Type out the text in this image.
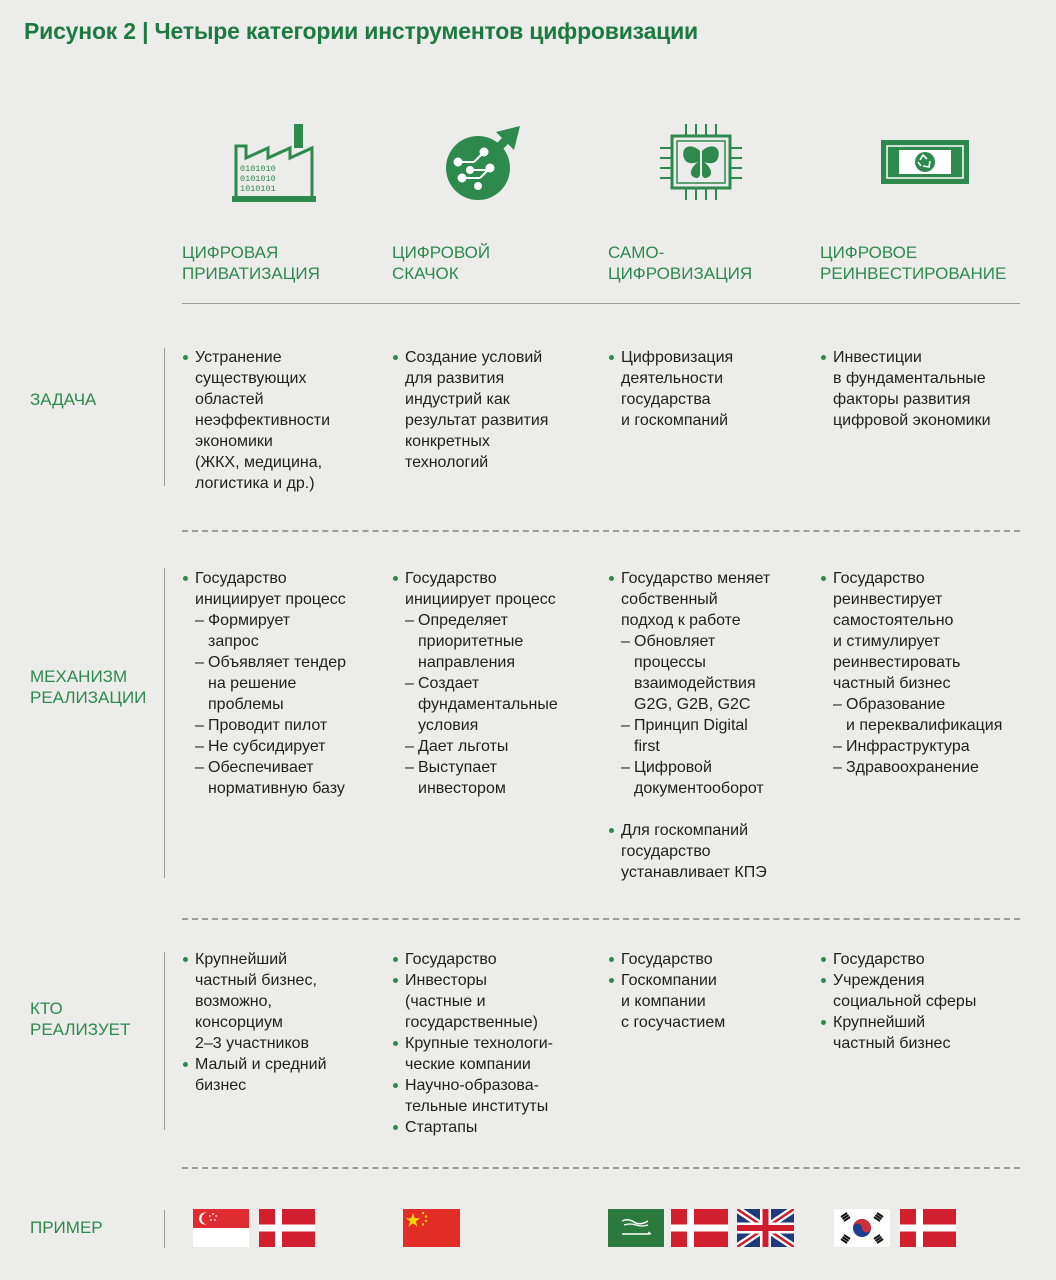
Рисунок 2 | Четыре категории инструментов цифровизации
0101010
0101010
1010101
ЦИФРОВАЯ
ПРИВАТИЗАЦИЯ
ЦИФРОВОЙ
СКАЧОК
САМО-
ЦИФРОВИЗАЦИЯ
ЦИФРОВОЕ
РЕИНВЕСТИРОВАНИЕ
ЗАДАЧА
Устранение
существующих
областей
неэффективности
экономики
(ЖКХ, медицина,
логистика и др.)
Создание условий
для развития
индустрий как
результат развития
конкретных
технологий
Цифровизация
деятельности
государства
и госкомпаний
Инвестиции
в фундаментальные
факторы развития
цифровой экономики
МЕХАНИЗМ
РЕАЛИЗАЦИИ
Государство
инициирует процесс
– Формирует
запрос
– Объявляет тендер
на решение
проблемы
– Проводит пилот
– Не субсидирует
– Обеспечивает
нормативную базу
Государство
инициирует процесс
– Определяет
приоритетные
направления
– Создает
фундаментальные
условия
– Дает льготы
– Выступает
инвестором
Государство меняет
собственный
подход к работе
– Обновляет
процессы
взаимодействия
G2G, G2B, G2C
– Принцип Digital
first
– Цифровой
документооборот
Для госкомпаний
государство
устанавливает КПЭ
Государство
реинвестирует
самостоятельно
и стимулирует
реинвестировать
частный бизнес
– Образование
и переквалификация
– Инфраструктура
– Здравоохранение
КТО
РЕАЛИЗУЕТ
Крупнейший
частный бизнес,
возможно,
консорциум
2–3 участников
Малый и средний
бизнес
Государство
Инвесторы
(частные и
государственные)
Крупные технологи-
ческие компании
Научно-образова-
тельные институты
Стартапы
Государство
Госкомпании
и компании
с госучастием
Государство
Учреждения
социальной сферы
Крупнейший
частный бизнес
ПРИМЕР
